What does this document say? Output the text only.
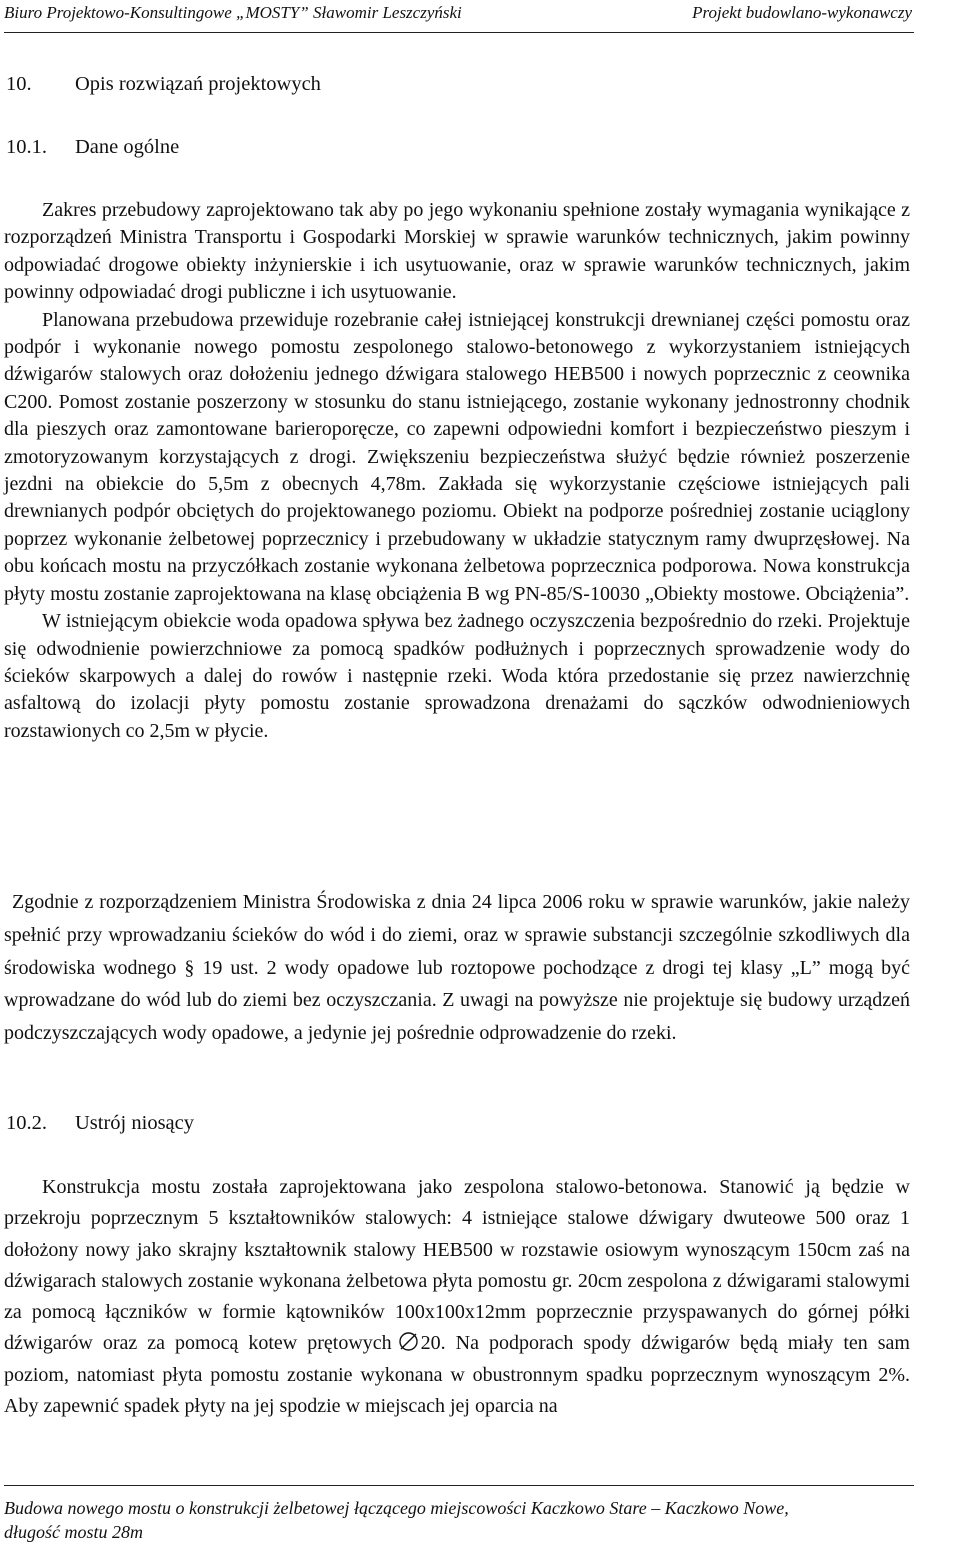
Biuro Projektowo-Konsultingowe „MOSTY” Sławomir Leszczyński	Projekt budowlano-wykonawczy
10. Opis rozwiązań projektowych
10.1. Dane ogólne

Zakres przebudowy zaprojektowano tak aby po jego wykonaniu spełnione zostały wymagania wynikające z rozporządzeń Ministra Transportu i Gospodarki Morskiej w sprawie warunków technicznych, jakim powinny odpowiadać drogowe obiekty inżynierskie i ich usytuowanie, oraz w sprawie warunków technicznych, jakim powinny odpowiadać drogi publiczne i ich usytuowanie.

Planowana przebudowa przewiduje rozebranie całej istniejącej konstrukcji drewnianej części pomostu oraz podpór i wykonanie nowego pomostu zespolonego stalowo-betonowego z wykorzystaniem istniejących dźwigarów stalowych oraz dołożeniu jednego dźwigara stalowego HEB500 i nowych poprzecznic z ceownika C200. Pomost zostanie poszerzony w stosunku do stanu istniejącego, zostanie wykonany jednostronny chodnik dla pieszych oraz zamontowane barieroporęcze, co zapewni odpowiedni komfort i bezpieczeństwo pieszym i zmotoryzowanym korzystających z drogi. Zwiększeniu bezpieczeństwa służyć będzie również poszerzenie jezdni na obiekcie do 5,5m z obecnych 4,78m. Zakłada się wykorzystanie częściowe istniejących pali drewnianych podpór obciętych do projektowanego poziomu. Obiekt na podporze pośredniej zostanie uciąglony poprzez wykonanie żelbetowej poprzecznicy i przebudowany w układzie statycznym ramy dwuprzęsłowej. Na obu końcach mostu na przyczółkach zostanie wykonana żelbetowa poprzecznica podporowa. Nowa konstrukcja płyty mostu zostanie zaprojektowana na klasę obciążenia B wg PN-85/S-10030 „Obiekty mostowe. Obciążenia”.

W istniejącym obiekcie woda opadowa spływa bez żadnego oczyszczenia bezpośrednio do rzeki. Projektuje się odwodnienie powierzchniowe za pomocą spadków podłużnych i poprzecznych sprowadzenie wody do ścieków skarpowych a dalej do rowów i następnie rzeki. Woda która przedostanie się przez nawierzchnię asfaltową do izolacji płyty pomostu zostanie sprowadzona drenażami do sączków odwodnieniowych rozstawionych co 2,5m w płycie.

Zgodnie z rozporządzeniem Ministra Środowiska z dnia 24 lipca 2006 roku w sprawie warunków, jakie należy spełnić przy wprowadzaniu ścieków do wód i do ziemi, oraz w sprawie substancji szczególnie szkodliwych dla środowiska wodnego § 19 ust. 2 wody opadowe lub roztopowe pochodzące z drogi tej klasy „L” mogą być wprowadzane do wód lub do ziemi bez oczyszczania. Z uwagi na powyższe nie projektuje się budowy urządzeń podczyszczających wody opadowe, a jedynie jej pośrednie odprowadzenie do rzeki.

10.2. Ustrój niosący

Konstrukcja mostu została zaprojektowana jako zespolona stalowo-betonowa. Stanowić ją będzie w przekroju poprzecznym 5 kształtowników stalowych: 4 istniejące stalowe dźwigary dwuteowe 500 oraz 1 dołożony nowy jako skrajny kształtownik stalowy HEB500 w rozstawie osiowym wynoszącym 150cm zaś na dźwigarach stalowych zostanie wykonana żelbetowa płyta pomostu gr. 20cm zespolona z dźwigarami stalowymi za pomocą łączników w formie kątowników 100x100x12mm poprzecznie przyspawanych do górnej półki dźwigarów oraz za pomocą kotew prętowych 20. Na podporach spody dźwigarów będą miały ten sam poziom, natomiast płyta pomostu zostanie wykonana w obustronnym spadku poprzecznym wynoszącym 2%. Aby zapewnić spadek płyty na jej spodzie w miejscach jej oparcia na

Budowa nowego mostu o konstrukcji żelbetowej łączącego miejscowości Kaczkowo Stare – Kaczkowo Nowe,
długość mostu 28m
